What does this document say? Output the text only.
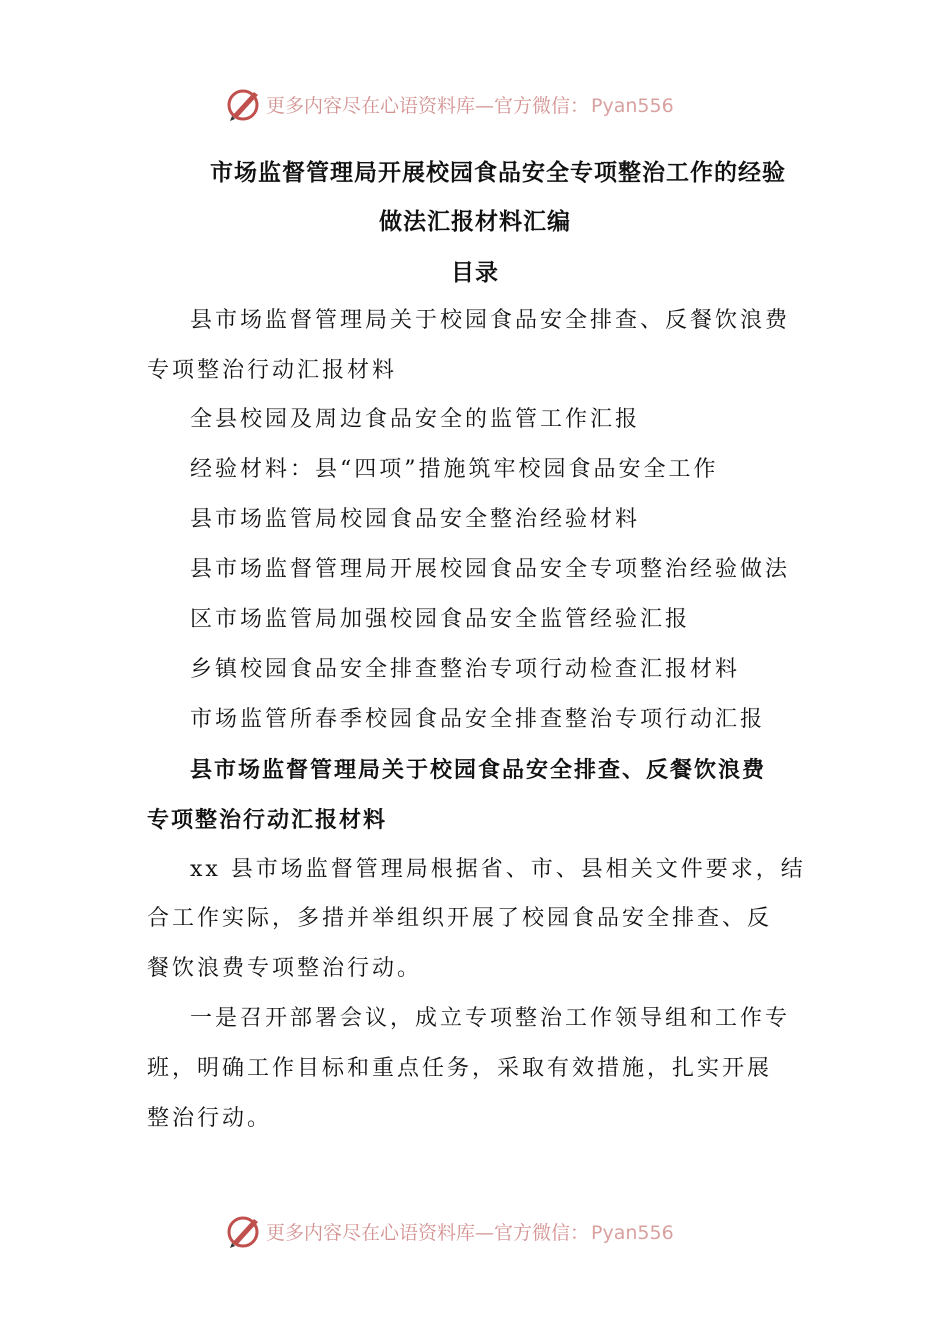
更多内容尽在心语资料库—官方微信： Pyan556
市场监督管理局开展校园食品安全专项整治工作的经验
做法汇报材料汇编
目录
县市场监督管理局关于校园食品安全排查、反餐饮浪费
专项整治行动汇报材料
全县校园及周边食品安全的监管工作汇报
经验材料：县“四项”措施筑牢校园食品安全工作
县市场监管局校园食品安全整治经验材料
县市场监督管理局开展校园食品安全专项整治经验做法
区市场监管局加强校园食品安全监管经验汇报
乡镇校园食品安全排查整治专项行动检查汇报材料
市场监管所春季校园食品安全排查整治专项行动汇报
县市场监督管理局关于校园食品安全排查、反餐饮浪费
专项整治行动汇报材料
xx 县市场监督管理局根据省、市、县相关文件要求，结
合工作实际，多措并举组织开展了校园食品安全排查、反
餐饮浪费专项整治行动。
一是召开部署会议，成立专项整治工作领导组和工作专
班，明确工作目标和重点任务，采取有效措施，扎实开展
整治行动。
更多内容尽在心语资料库—官方微信： Pyan556
